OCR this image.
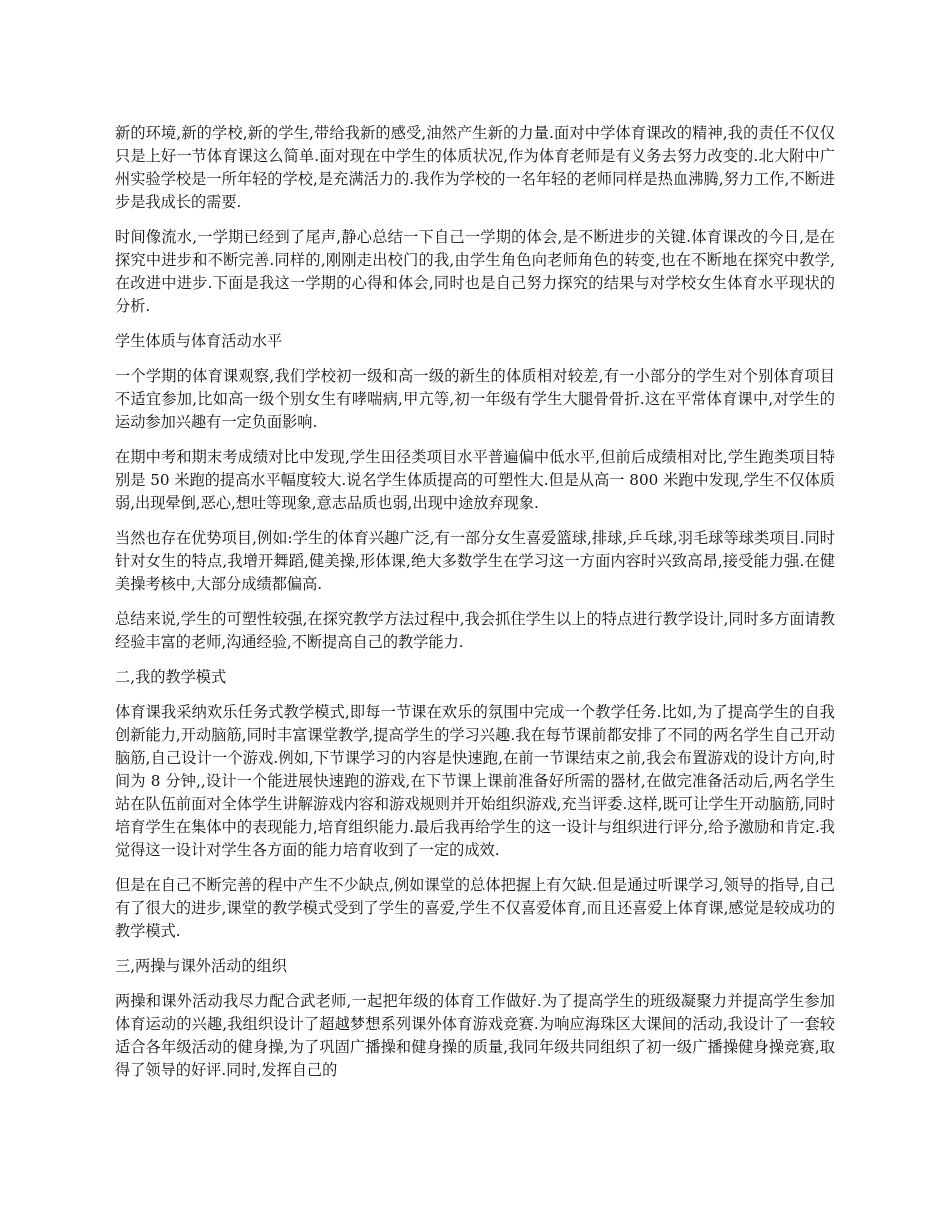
新的环境,新的学校,新的学生,带给我新的感受,油然产生新的力量.面对中学体育课改的精神,我的责任不仅仅只是上好一节体育课这么简单.面对现在中学生的体质状况,作为体育老师是有义务去努力改变的.北大附中广州实验学校是一所年轻的学校,是充满活力的.我作为学校的一名年轻的老师同样是热血沸腾,努力工作,不断进步是我成长的需要.

时间像流水,一学期已经到了尾声,静心总结一下自己一学期的体会,是不断进步的关键.体育课改的今日,是在探究中进步和不断完善.同样的,刚刚走出校门的我,由学生角色向老师角色的转变,也在不断地在探究中教学,在改进中进步.下面是我这一学期的心得和体会,同时也是自己努力探究的结果与对学校女生体育水平现状的分析.

学生体质与体育活动水平

一个学期的体育课观察,我们学校初一级和高一级的新生的体质相对较差,有一小部分的学生对个别体育项目不适宜参加,比如高一级个别女生有哮喘病,甲亢等,初一年级有学生大腿骨骨折.这在平常体育课中,对学生的运动参加兴趣有一定负面影响.

在期中考和期末考成绩对比中发现,学生田径类项目水平普遍偏中低水平,但前后成绩相对比,学生跑类项目特别是 50 米跑的提高水平幅度较大.说名学生体质提高的可塑性大.但是从高一 800 米跑中发现,学生不仅体质弱,出现晕倒,恶心,想吐等现象,意志品质也弱,出现中途放弃现象.

当然也存在优势项目,例如:学生的体育兴趣广泛,有一部分女生喜爱篮球,排球,乒乓球,羽毛球等球类项目.同时针对女生的特点,我增开舞蹈,健美操,形体课,绝大多数学生在学习这一方面内容时兴致高昂,接受能力强.在健美操考核中,大部分成绩都偏高.

总结来说,学生的可塑性较强,在探究教学方法过程中,我会抓住学生以上的特点进行教学设计,同时多方面请教经验丰富的老师,沟通经验,不断提高自己的教学能力.

二,我的教学模式

体育课我采纳欢乐任务式教学模式,即每一节课在欢乐的氛围中完成一个教学任务.比如,为了提高学生的自我创新能力,开动脑筋,同时丰富课堂教学,提高学生的学习兴趣.我在每节课前都安排了不同的两名学生自己开动脑筋,自己设计一个游戏.例如,下节课学习的内容是快速跑,在前一节课结束之前,我会布置游戏的设计方向,时间为 8 分钟,,设计一个能进展快速跑的游戏,在下节课上课前准备好所需的器材,在做完准备活动后,两名学生站在队伍前面对全体学生讲解游戏内容和游戏规则并开始组织游戏,充当评委.这样,既可让学生开动脑筋,同时培育学生在集体中的表现能力,培育组织能力.最后我再给学生的这一设计与组织进行评分,给予激励和肯定.我觉得这一设计对学生各方面的能力培育收到了一定的成效.

但是在自己不断完善的程中产生不少缺点,例如课堂的总体把握上有欠缺.但是通过听课学习,领导的指导,自己有了很大的进步,课堂的教学模式受到了学生的喜爱,学生不仅喜爱体育,而且还喜爱上体育课,感觉是较成功的教学模式.

三,两操与课外活动的组织

两操和课外活动我尽力配合武老师,一起把年级的体育工作做好.为了提高学生的班级凝聚力并提高学生参加体育运动的兴趣,我组织设计了超越梦想系列课外体育游戏竞赛.为响应海珠区大课间的活动,我设计了一套较适合各年级活动的健身操,为了巩固广播操和健身操的质量,我同年级共同组织了初一级广播操健身操竞赛,取得了领导的好评.同时,发挥自己的
